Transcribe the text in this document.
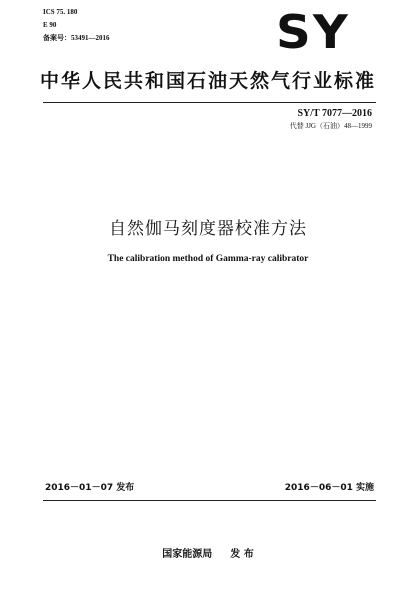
ICS 75. 180
E 90
备案号：53491—2016	SY
中华人民共和国石油天然气行业标准
SY/T 7077—2016
代替 JJG（石油）48—1999
自然伽马刻度器校准方法
The calibration method of Gamma-ray calibrator
2016－01－07 发布	2016－06－01 实施
国家能源局 发 布
